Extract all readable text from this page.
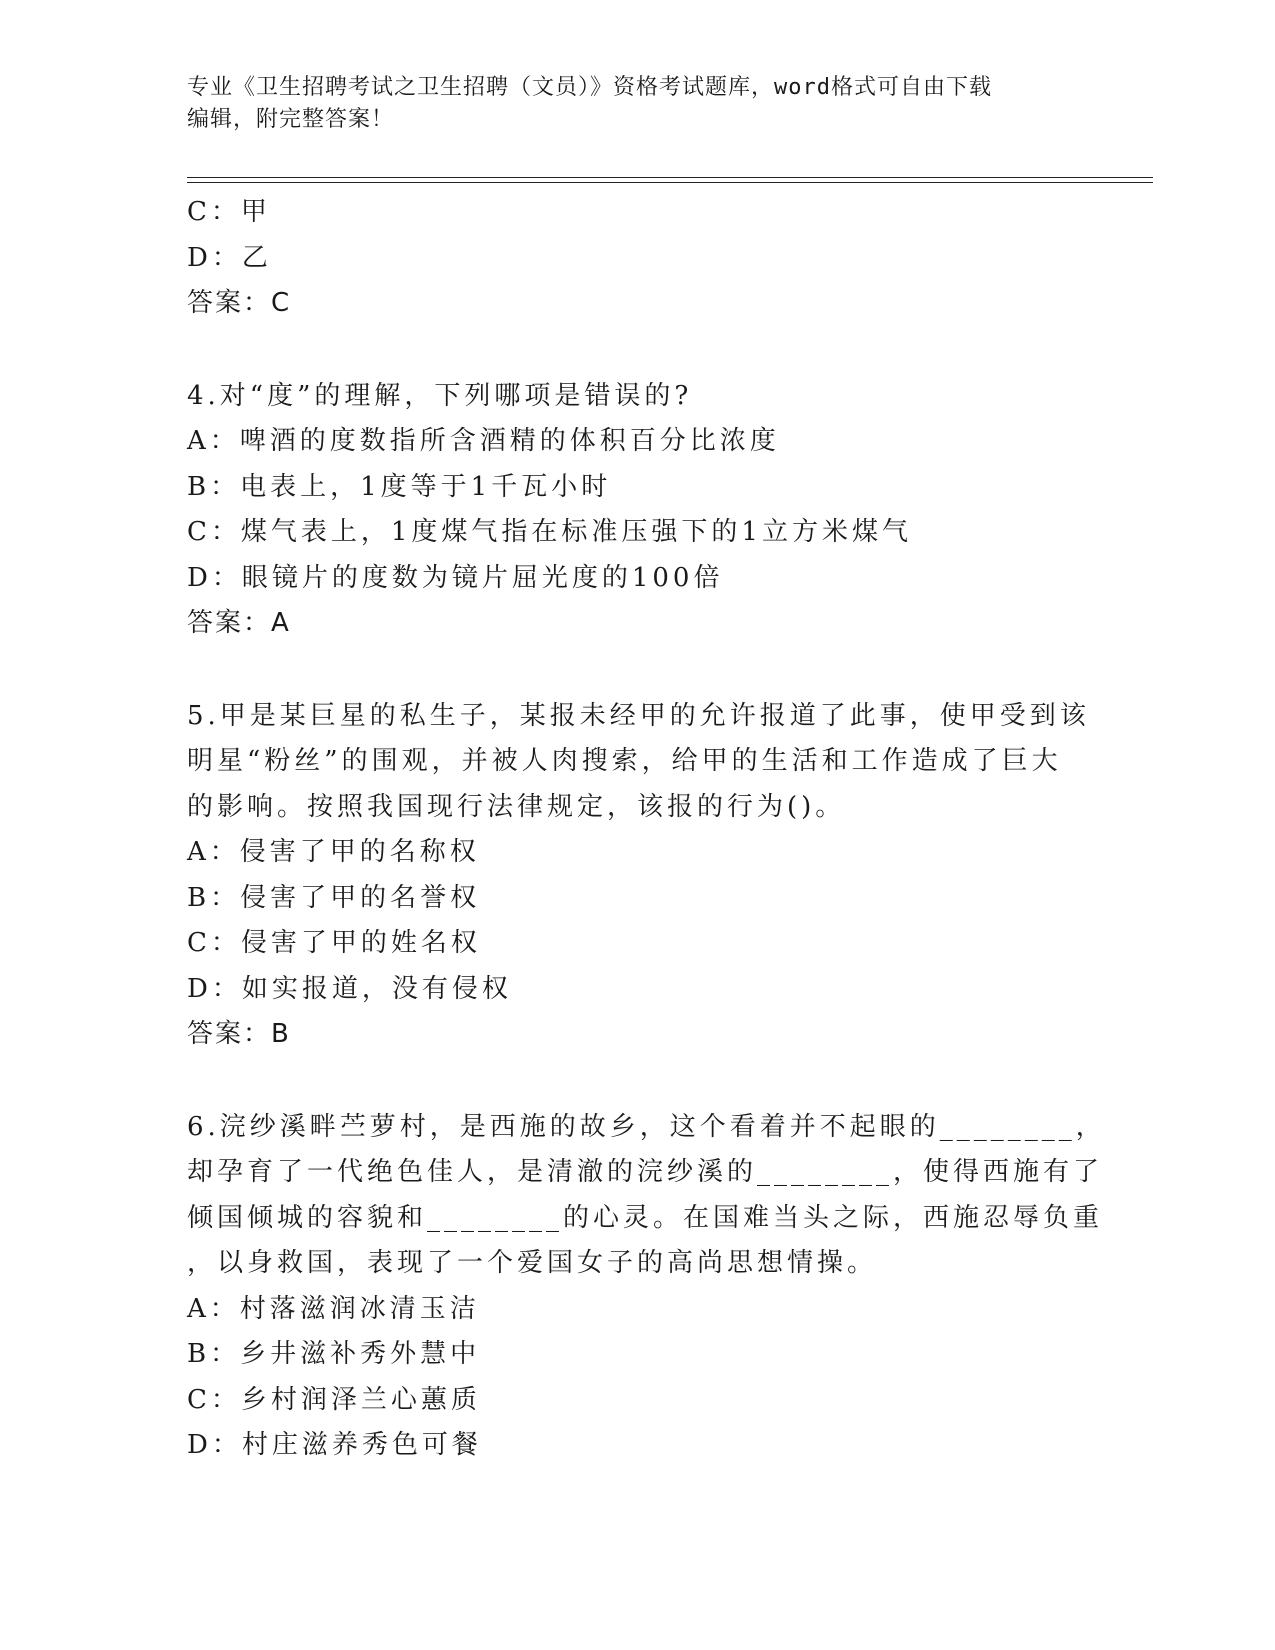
专业《卫生招聘考试之卫生招聘（文员）》资格考试题库，word格式可自由下载
编辑，附完整答案！
C：甲
D：乙
答案：C
4.对“度”的理解，下列哪项是错误的?
A：啤酒的度数指所含酒精的体积百分比浓度
B：电表上，1度等于1千瓦小时
C：煤气表上，1度煤气指在标准压强下的1立方米煤气
D：眼镜片的度数为镜片屈光度的100倍
答案：A
5.甲是某巨星的私生子，某报未经甲的允许报道了此事，使甲受到该
明星“粉丝”的围观，并被人肉搜索，给甲的生活和工作造成了巨大
的影响。按照我国现行法律规定，该报的行为()。
A：侵害了甲的名称权
B：侵害了甲的名誉权
C：侵害了甲的姓名权
D：如实报道，没有侵权
答案：B
6.浣纱溪畔苎萝村，是西施的故乡，这个看着并不起眼的________，
却孕育了一代绝色佳人，是清澈的浣纱溪的________，使得西施有了
倾国倾城的容貌和________的心灵。在国难当头之际，西施忍辱负重
，以身救国，表现了一个爱国女子的高尚思想情操。
A：村落滋润冰清玉洁
B：乡井滋补秀外慧中
C：乡村润泽兰心蕙质
D：村庄滋养秀色可餐
